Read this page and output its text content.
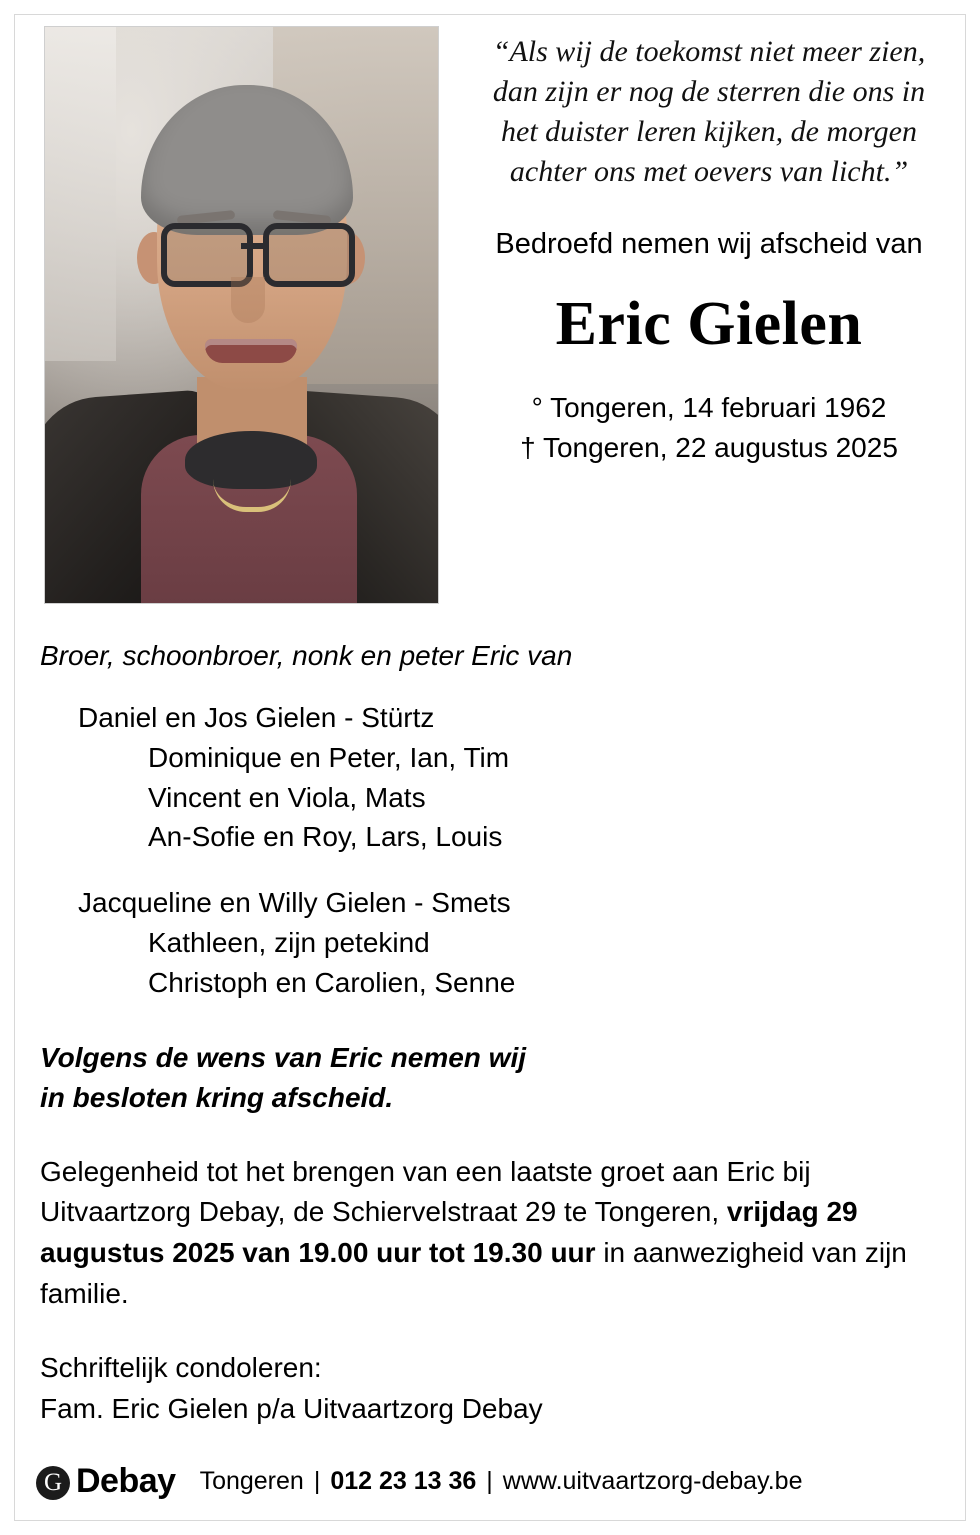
“Als wij de toekomst niet meer zien, dan zijn er nog de sterren die ons in het duister leren kijken, de morgen achter ons met oevers van licht.”

Bedroefd nemen wij afscheid van

Eric Gielen
° Tongeren, 14 februari 1962
† Tongeren, 22 augustus 2025

Broer, schoonbroer, nonk en peter Eric van

Daniel en Jos Gielen - Stürtz
Dominique en Peter, Ian, Tim
Vincent en Viola, Mats
An-Sofie en Roy, Lars, Louis
Jacqueline en Willy Gielen - Smets
Kathleen, zijn petekind
Christoph en Carolien, Senne
Volgens de wens van Eric nemen wij
in besloten kring afscheid.

Gelegenheid tot het brengen van een laatste groet aan Eric bij Uitvaartzorg Debay, de Schiervelstraat 29 te Tongeren, vrijdag 29 augustus 2025 van 19.00 uur tot 19.30 uur in aanwezigheid van zijn familie.

Schriftelijk condoleren:
Fam. Eric Gielen p/a Uitvaartzorg Debay
G Debay Tongeren | 012 23 13 36 | www.uitvaartzorg-debay.be
